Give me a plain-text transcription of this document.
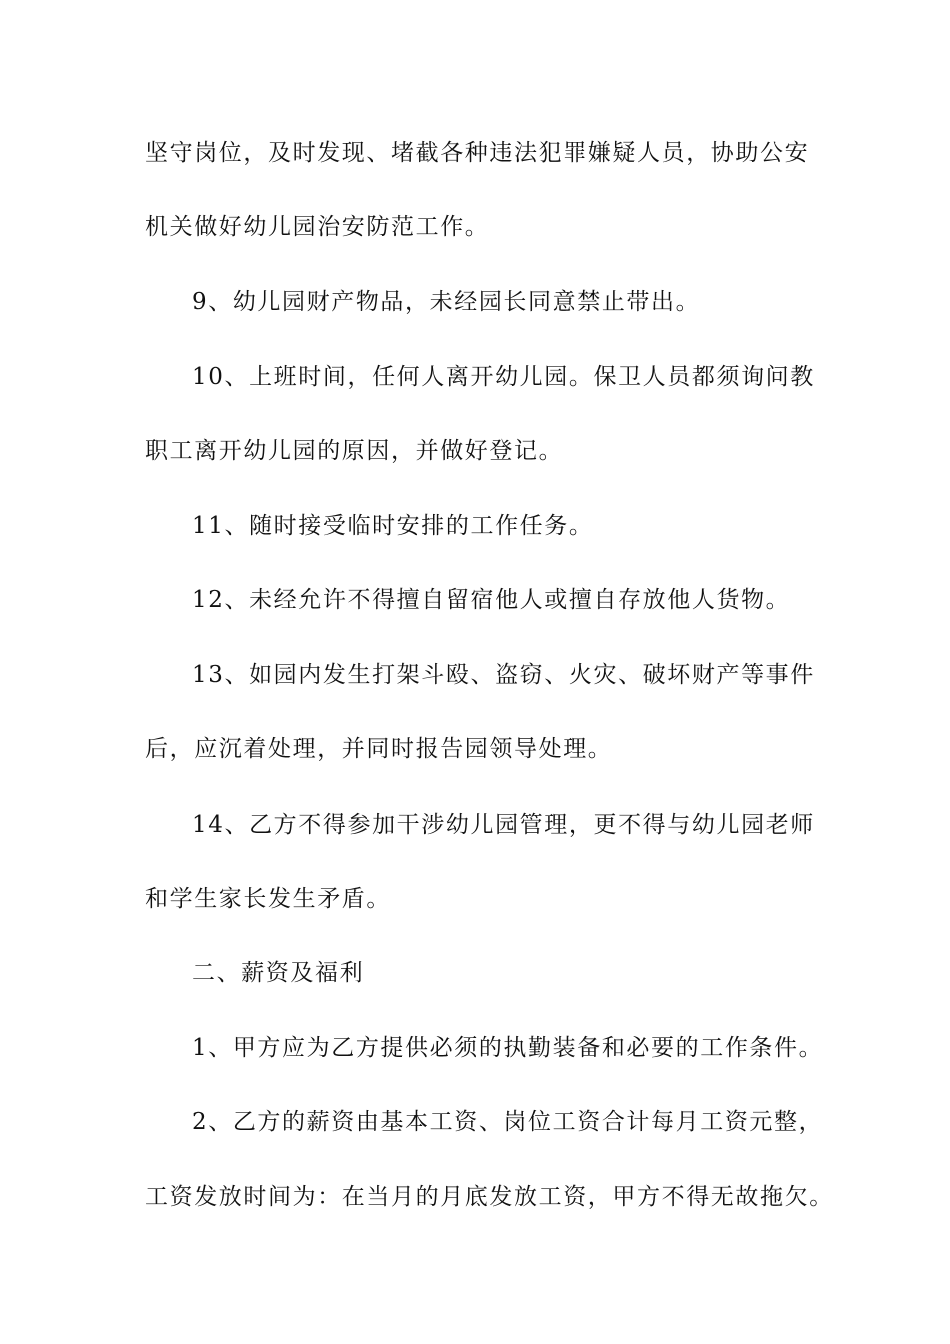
坚守岗位，及时发现、堵截各种违法犯罪嫌疑人员，协助公安
机关做好幼儿园治安防范工作。
9、幼儿园财产物品，未经园长同意禁止带出。
10、上班时间，任何人离开幼儿园。保卫人员都须询问教
职工离开幼儿园的原因，并做好登记。
11、随时接受临时安排的工作任务。
12、未经允许不得擅自留宿他人或擅自存放他人货物。
13、如园内发生打架斗殴、盗窃、火灾、破坏财产等事件
后，应沉着处理，并同时报告园领导处理。
14、乙方不得参加干涉幼儿园管理，更不得与幼儿园老师
和学生家长发生矛盾。
二、薪资及福利
1、甲方应为乙方提供必须的执勤装备和必要的工作条件。
2、乙方的薪资由基本工资、岗位工资合计每月工资元整，
工资发放时间为：在当月的月底发放工资，甲方不得无故拖欠。
